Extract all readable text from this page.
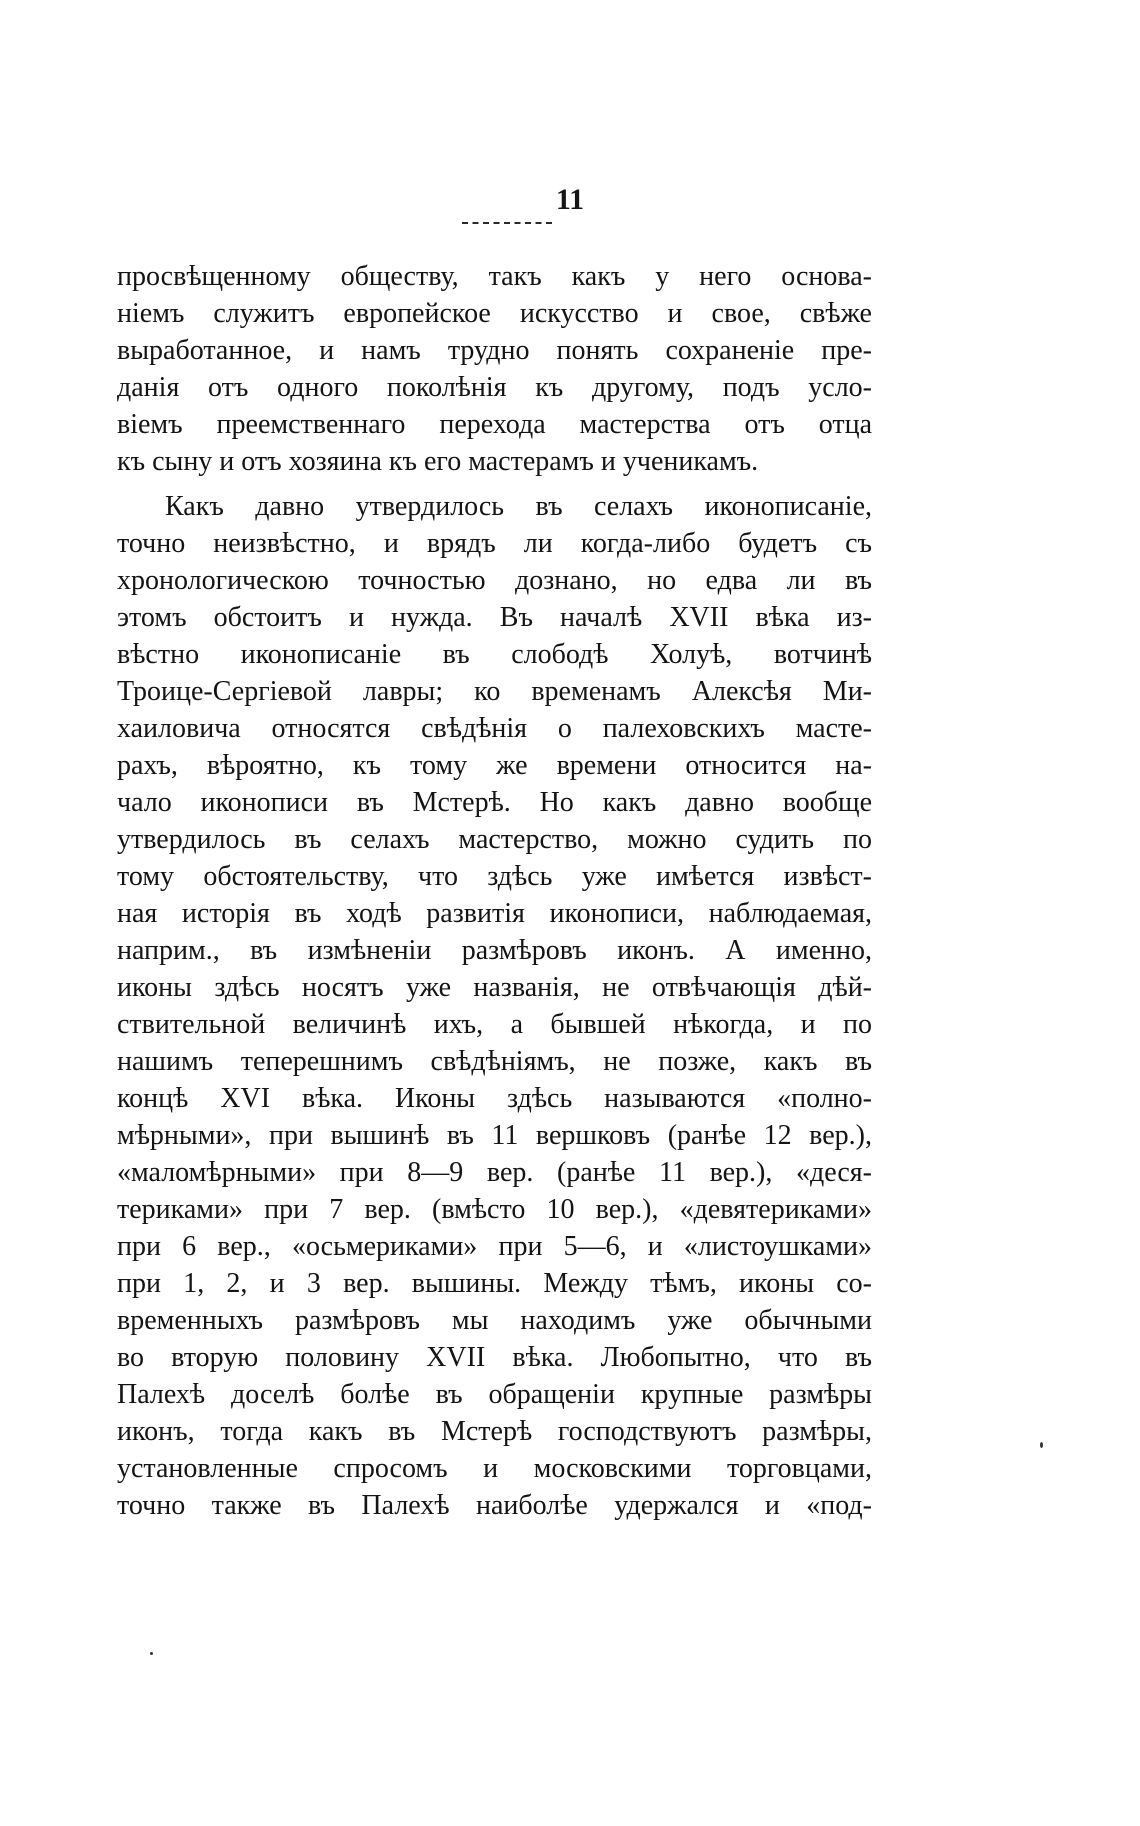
11
просвѣщенному обществу, такъ какъ у него основа-
ніемъ служитъ европейское искусство и свое, свѣже
выработанное, и намъ трудно понять сохраненіе пре-
данія отъ одного поколѣнія къ другому, подъ усло-
віемъ преемственнаго перехода мастерства отъ отца
къ сыну и отъ хозяина къ его мастерамъ и ученикамъ.
Какъ давно утвердилось въ селахъ иконописаніе,
точно неизвѣстно, и врядъ ли когда-либо будетъ съ
хронологическою точностью дознано, но едва ли въ
этомъ обстоитъ и нужда. Въ началѣ XVII вѣка из-
вѣстно иконописаніе въ слободѣ Холуѣ, вотчинѣ
Троице-Сергіевой лавры; ко временамъ Алексѣя Ми-
хаиловича относятся свѣдѣнія о палеховскихъ масте-
рахъ, вѣроятно, къ тому же времени относится на-
чало иконописи въ Мстерѣ. Но какъ давно вообще
утвердилось въ селахъ мастерство, можно судить по
тому обстоятельству, что здѣсь уже имѣется извѣст-
ная исторія въ ходѣ развитія иконописи, наблюдаемая,
наприм., въ измѣненіи размѣровъ иконъ. А именно,
иконы здѣсь носятъ уже названія, не отвѣчающія дѣй-
ствительной величинѣ ихъ, а бывшей нѣкогда, и по
нашимъ теперешнимъ свѣдѣніямъ, не позже, какъ въ
концѣ XVI вѣка. Иконы здѣсь называются «полно-
мѣрными», при вышинѣ въ 11 вершковъ (ранѣе 12 вер.),
«маломѣрными» при 8—9 вер. (ранѣе 11 вер.), «деся-
териками» при 7 вер. (вмѣсто 10 вер.), «девятериками»
при 6 вер., «осьмериками» при 5—6, и «листоушками»
при 1, 2, и 3 вер. вышины. Между тѣмъ, иконы со-
временныхъ размѣровъ мы находимъ уже обычными
во вторую половину XVII вѣка. Любопытно, что въ
Палехѣ доселѣ болѣе въ обращеніи крупные размѣры
иконъ, тогда какъ въ Мстерѣ господствуютъ размѣры,
установленные спросомъ и московскими торговцами,
точно также въ Палехѣ наиболѣе удержался и «под-
